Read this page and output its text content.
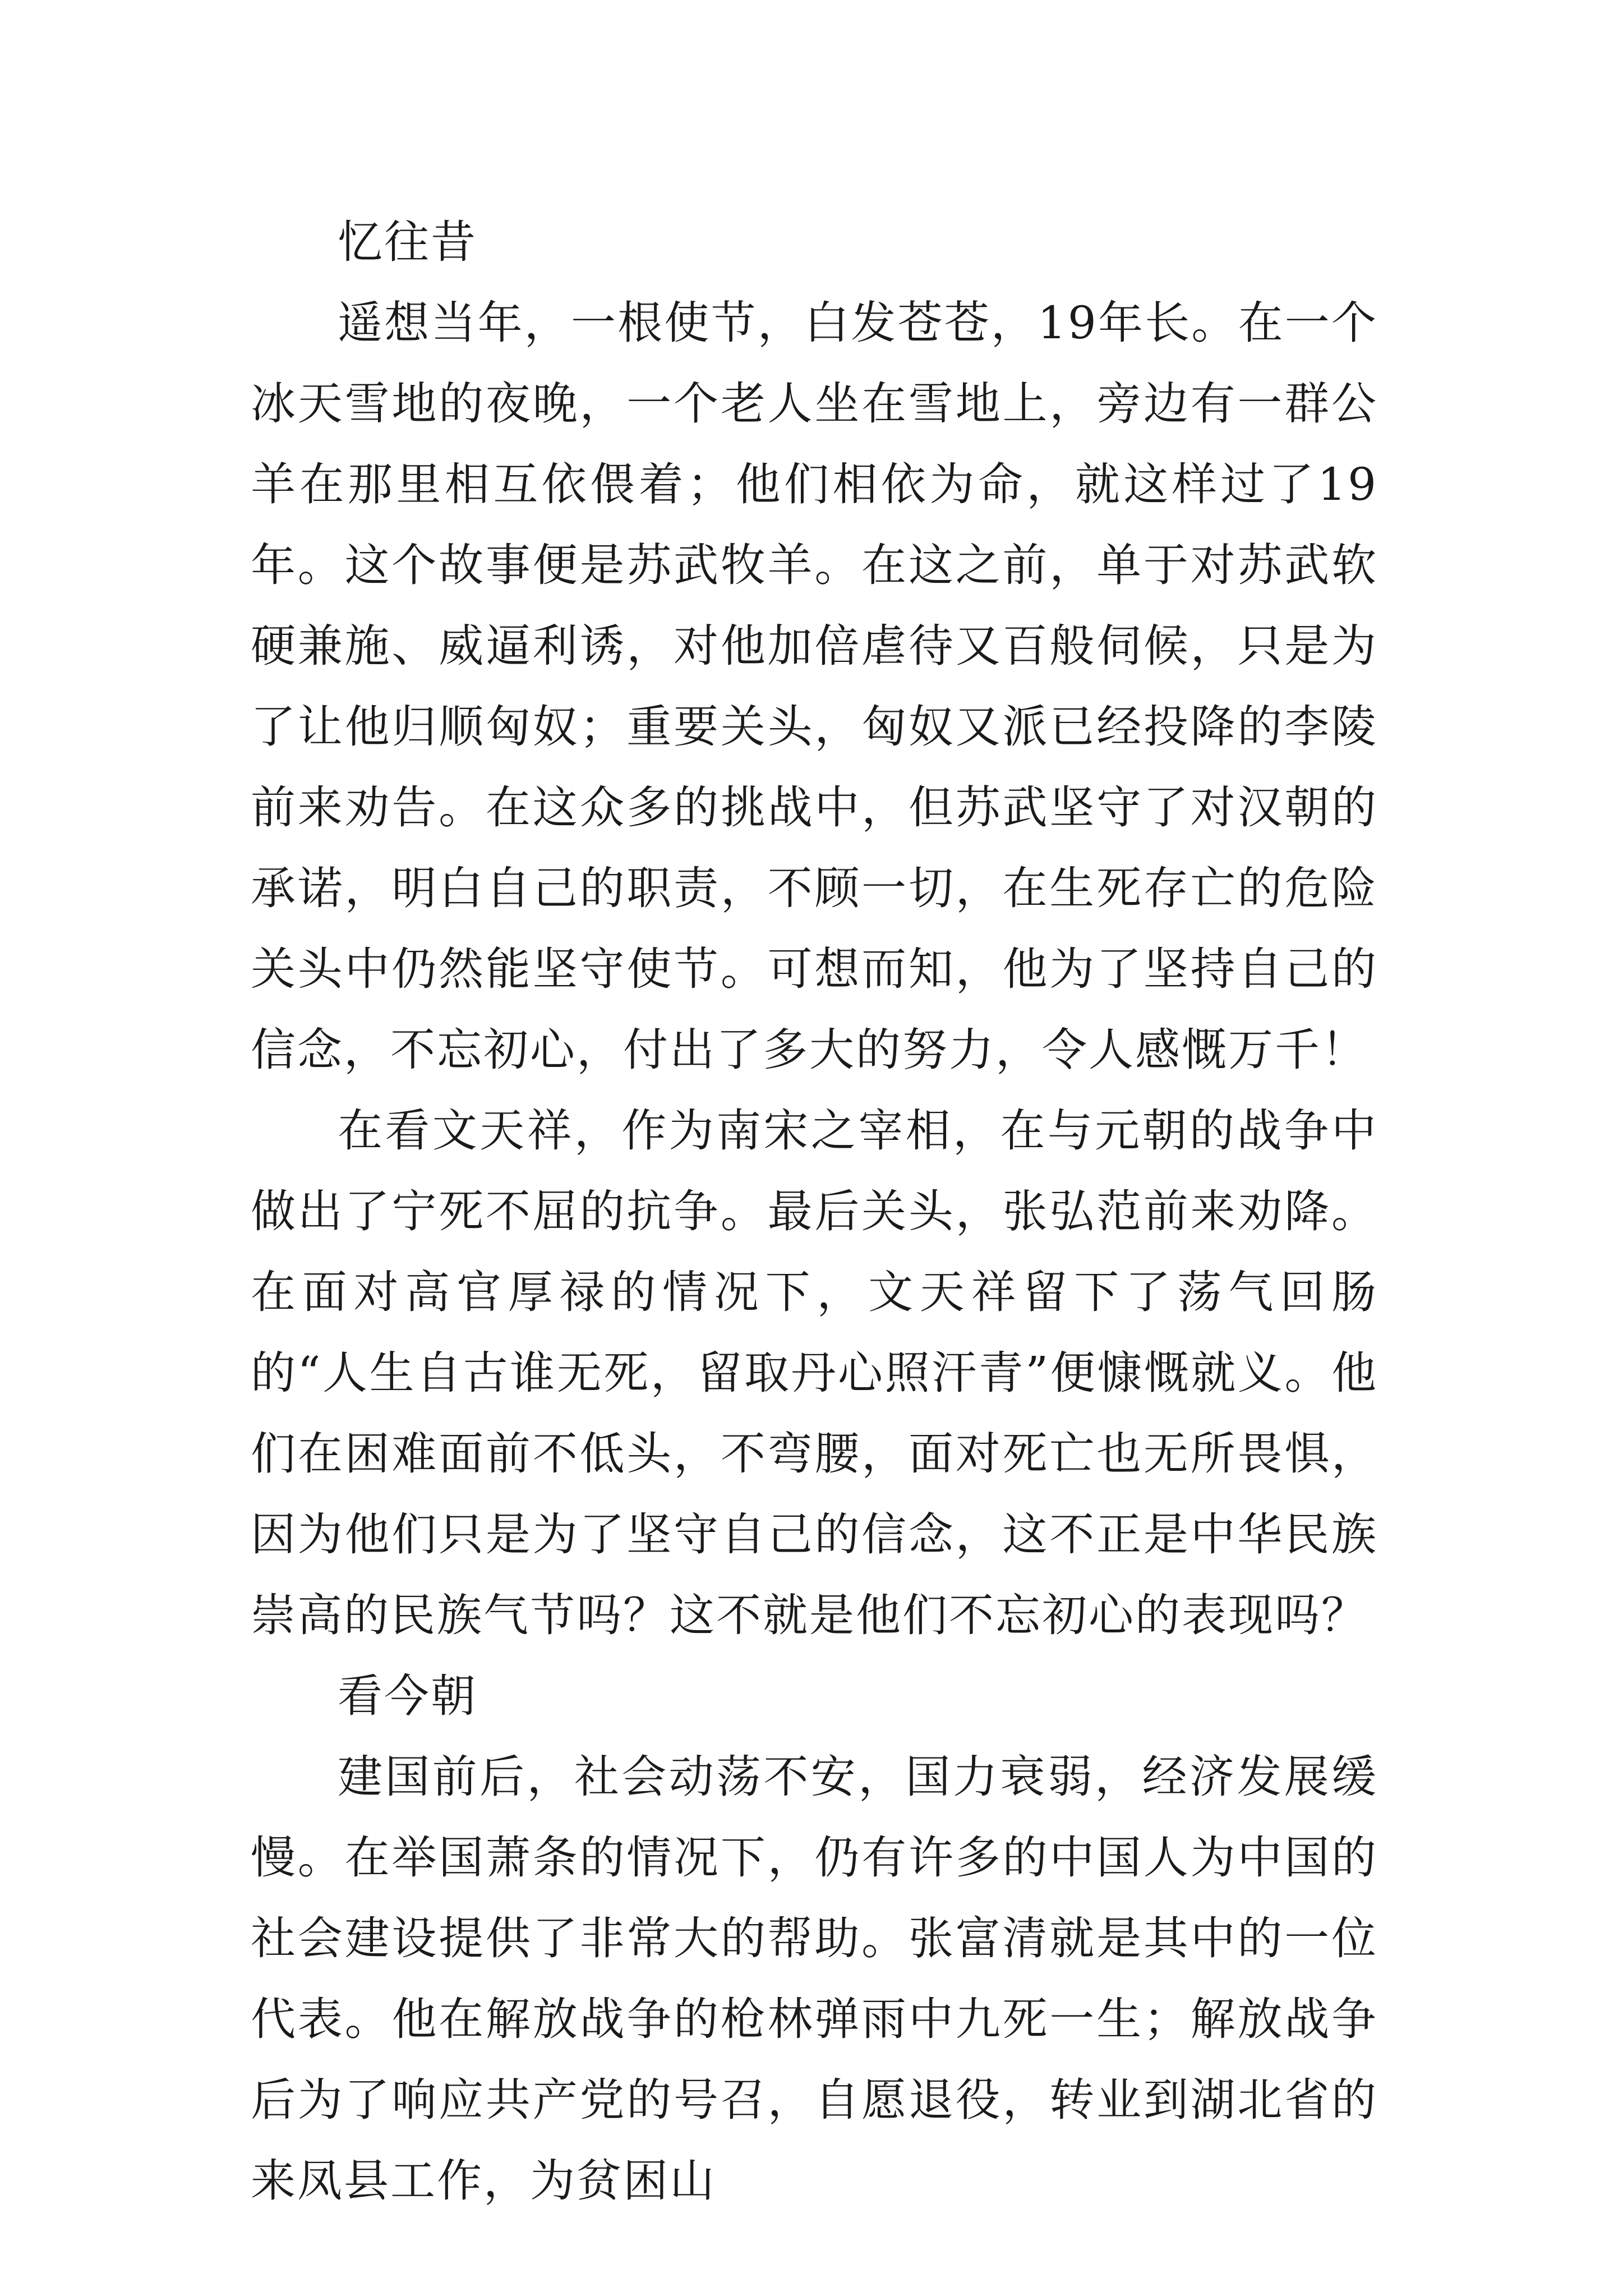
忆往昔

遥想当年，一根使节，白发苍苍，19年长。在一个冰天雪地的夜晚，一个老人坐在雪地上，旁边有一群公羊在那里相互依偎着；他们相依为命，就这样过了19年。这个故事便是苏武牧羊。在这之前，单于对苏武软硬兼施、威逼利诱，对他加倍虐待又百般伺候，只是为了让他归顺匈奴；重要关头，匈奴又派已经投降的李陵前来劝告。在这众多的挑战中，但苏武坚守了对汉朝的承诺，明白自己的职责，不顾一切，在生死存亡的危险关头中仍然能坚守使节。可想而知，他为了坚持自己的信念，不忘初心，付出了多大的努力，令人感慨万千！

在看文天祥，作为南宋之宰相，在与元朝的战争中做出了宁死不屈的抗争。最后关头，张弘范前来劝降。在面对高官厚禄的情况下，文天祥留下了荡气回肠的“人生自古谁无死，留取丹心照汗青”便慷慨就义。他们在困难面前不低头，不弯腰，面对死亡也无所畏惧，因为他们只是为了坚守自己的信念，这不正是中华民族崇高的民族气节吗？这不就是他们不忘初心的表现吗？

看今朝

建国前后，社会动荡不安，国力衰弱，经济发展缓慢。在举国萧条的情况下，仍有许多的中国人为中国的社会建设提供了非常大的帮助。张富清就是其中的一位代表。他在解放战争的枪林弹雨中九死一生；解放战争后为了响应共产党的号召，自愿退役，转业到湖北省的来凤县工作，为贫困山
